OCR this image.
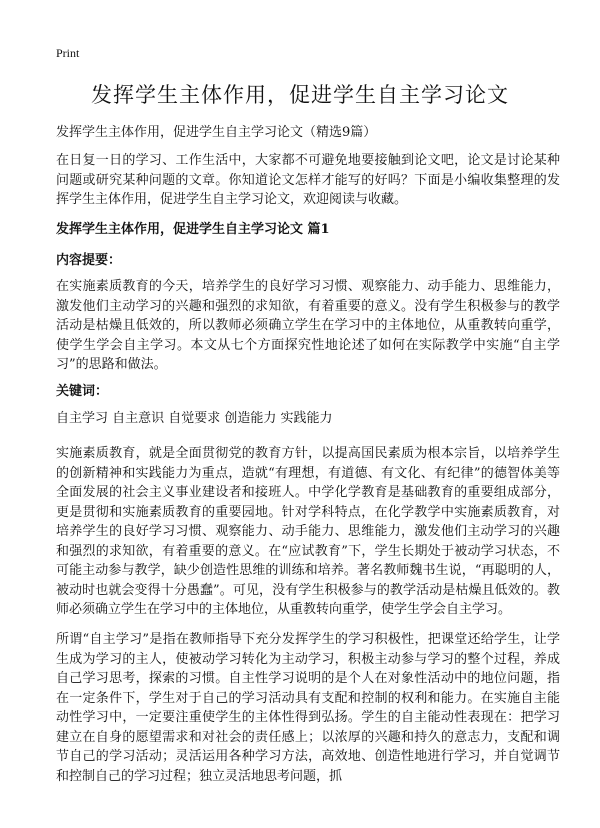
Print
发挥学生主体作用，促进学生自主学习论文
发挥学生主体作用，促进学生自主学习论文（精选9篇）

在日复一日的学习、工作生活中，大家都不可避免地要接触到论文吧，论文是讨论某种问题或研究某种问题的文章。你知道论文怎样才能写的好吗？下面是小编收集整理的发挥学生主体作用，促进学生自主学习论文，欢迎阅读与收藏。

发挥学生主体作用，促进学生自主学习论文 篇1
内容提要：

在实施素质教育的今天，培养学生的良好学习习惯、观察能力、动手能力、思维能力，激发他们主动学习的兴趣和强烈的求知欲，有着重要的意义。没有学生积极参与的教学活动是枯燥且低效的，所以教师必须确立学生在学习中的主体地位，从重教转向重学，使学生学会自主学习。本文从七个方面探究性地论述了如何在实际教学中实施“自主学习”的思路和做法。

关键词：

自主学习 自主意识 自觉要求 创造能力 实践能力

实施素质教育，就是全面贯彻党的教育方针，以提高国民素质为根本宗旨，以培养学生的创新精神和实践能力为重点，造就“有理想，有道德、有文化、有纪律”的德智体美等全面发展的社会主义事业建设者和接班人。中学化学教育是基础教育的重要组成部分，更是贯彻和实施素质教育的重要园地。针对学科特点，在化学教学中实施素质教育，对培养学生的良好学习习惯、观察能力、动手能力、思维能力，激发他们主动学习的兴趣和强烈的求知欲，有着重要的意义。在“应试教育”下，学生长期处于被动学习状态，不可能主动参与教学，缺少创造性思维的训练和培养。著名教师魏书生说，“再聪明的人，被动时也就会变得十分愚蠢”。可见，没有学生积极参与的教学活动是枯燥且低效的。教师必须确立学生在学习中的主体地位，从重教转向重学，使学生学会自主学习。

所谓“自主学习”是指在教师指导下充分发挥学生的学习积极性，把课堂还给学生，让学生成为学习的主人，使被动学习转化为主动学习，积极主动参与学习的整个过程，养成自己学习思考，探索的习惯。自主性学习说明的是个人在对象性活动中的地位问题，指在一定条件下，学生对于自己的学习活动具有支配和控制的权利和能力。在实施自主能动性学习中，一定要注重使学生的主体性得到弘扬。学生的自主能动性表现在：把学习建立在自身的愿望需求和对社会的责任感上；以浓厚的兴趣和持久的意志力，支配和调节自己的学习活动；灵活运用各种学习方法，高效地、创造性地进行学习，并自觉调节和控制自己的学习过程；独立灵活地思考问题，抓
